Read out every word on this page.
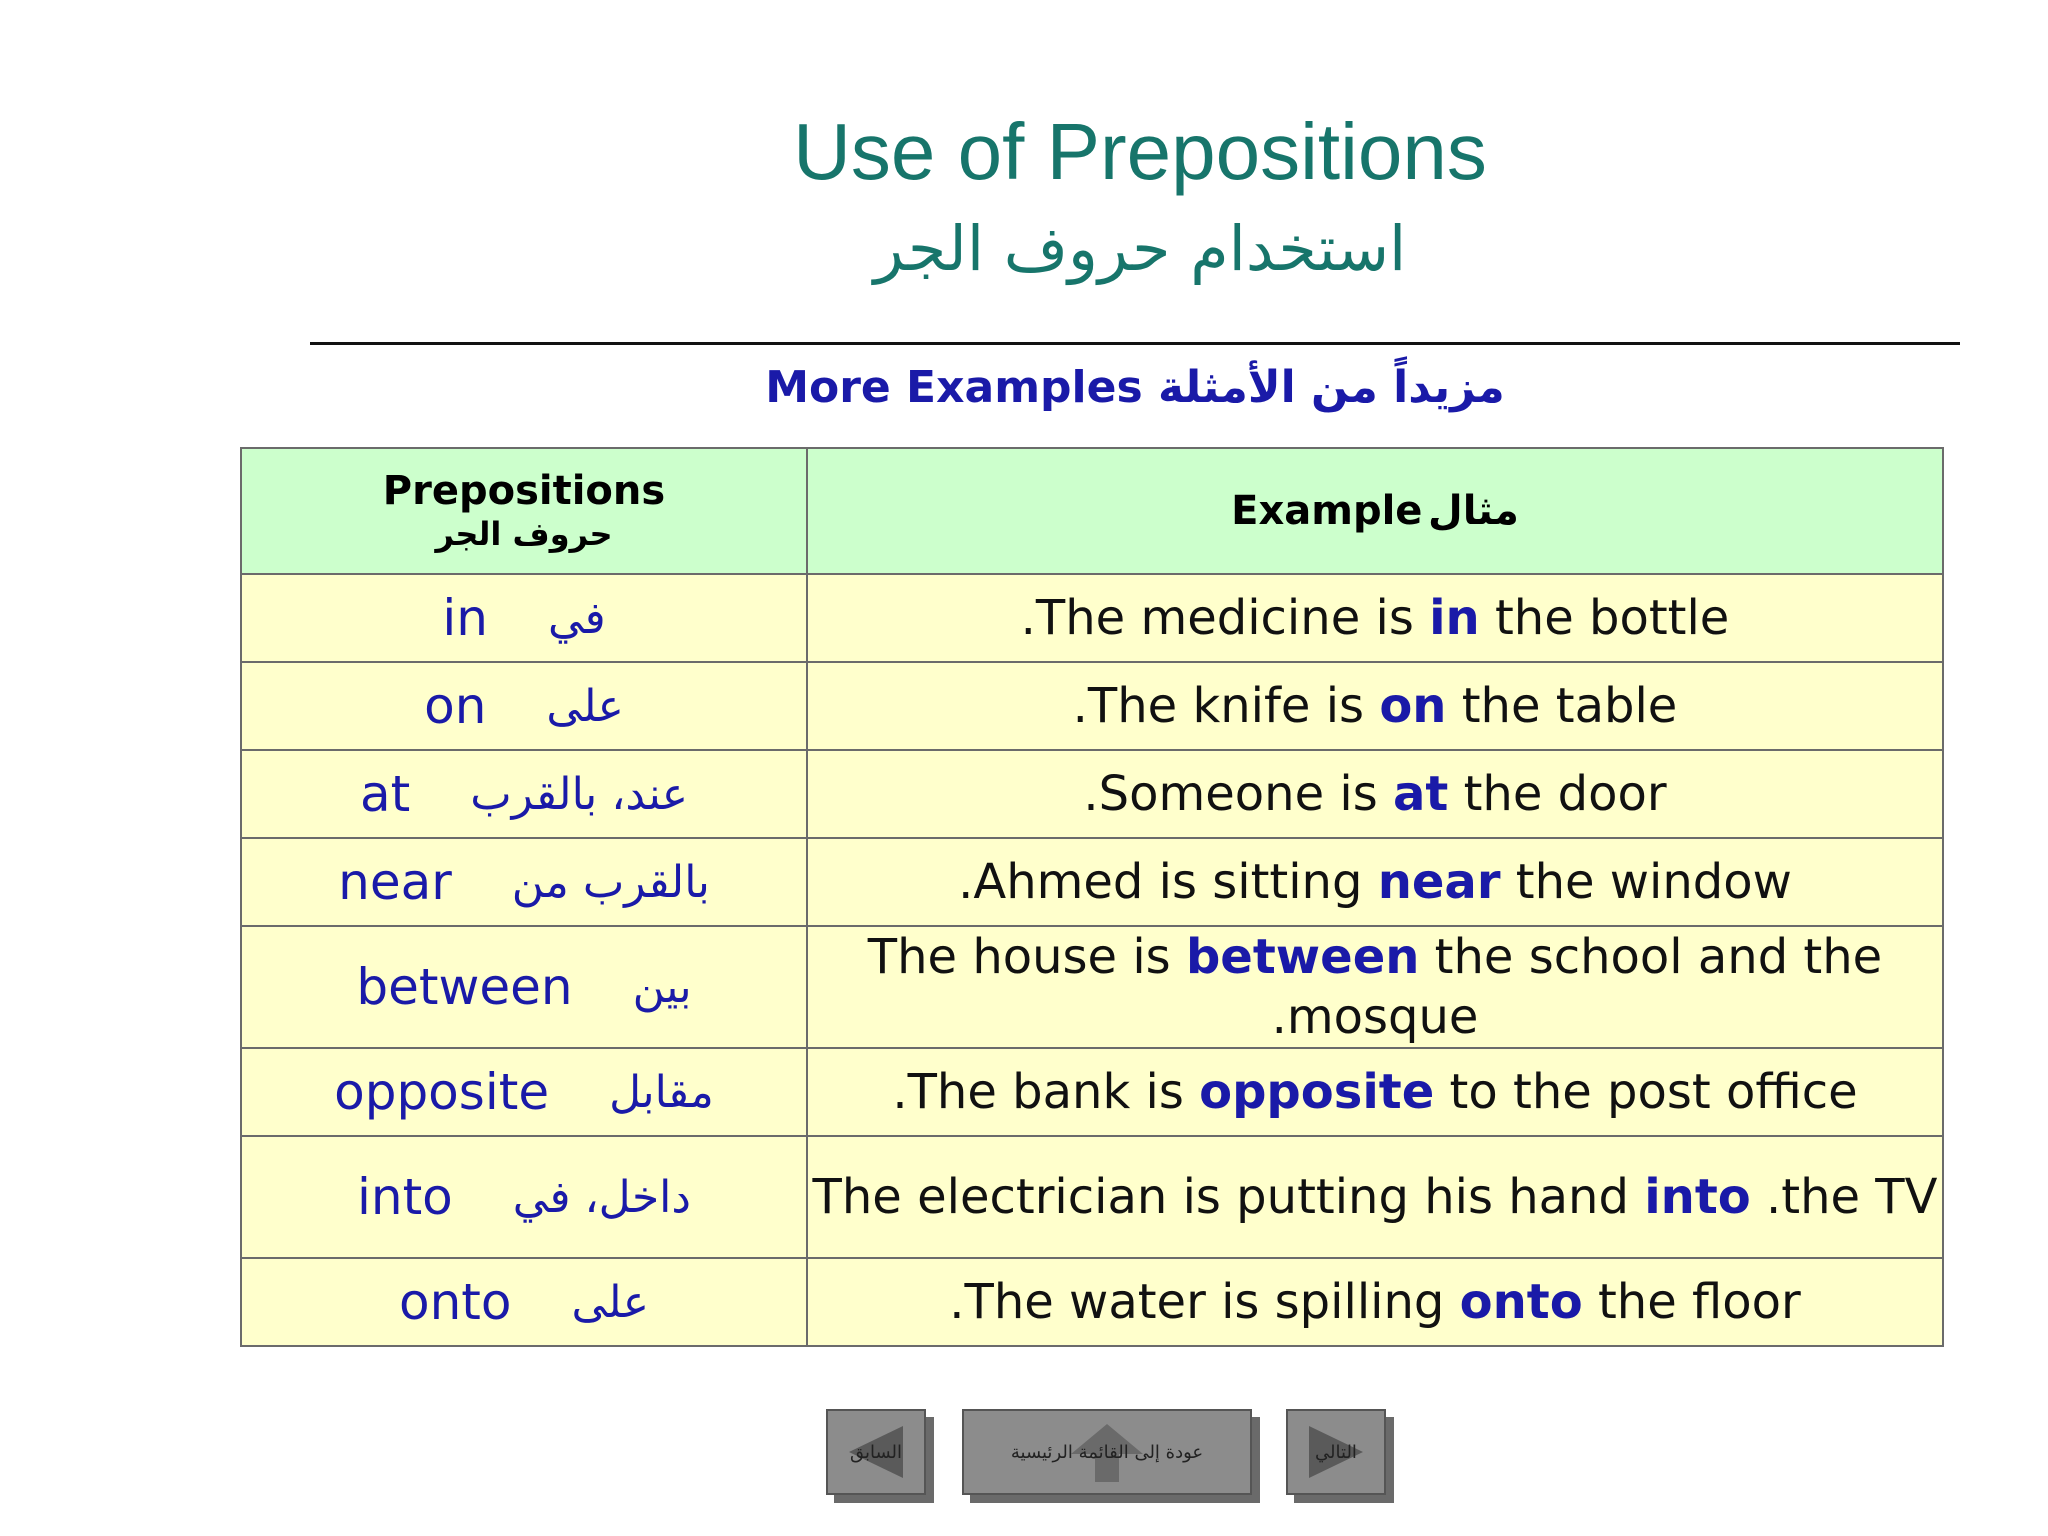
Use of Prepositions
استخدام حروف الجر
More Examples مزيداً من الأمثلة
Prepositions
حروف الجر	Example مثال

in في	.The medicine is in the bottle

on على	.The knife is on the table

at عند، بالقرب	.Someone is at the door

near بالقرب من	.Ahmed is sitting near the window

between بين	The house is between the school and the .mosque

opposite مقابل	.The bank is opposite to the post office

into داخل، في	The electrician is putting his hand into .the TV

onto على	.The water is spilling onto the floor
السابق	عودة إلى القائمة الرئيسية	التالي
